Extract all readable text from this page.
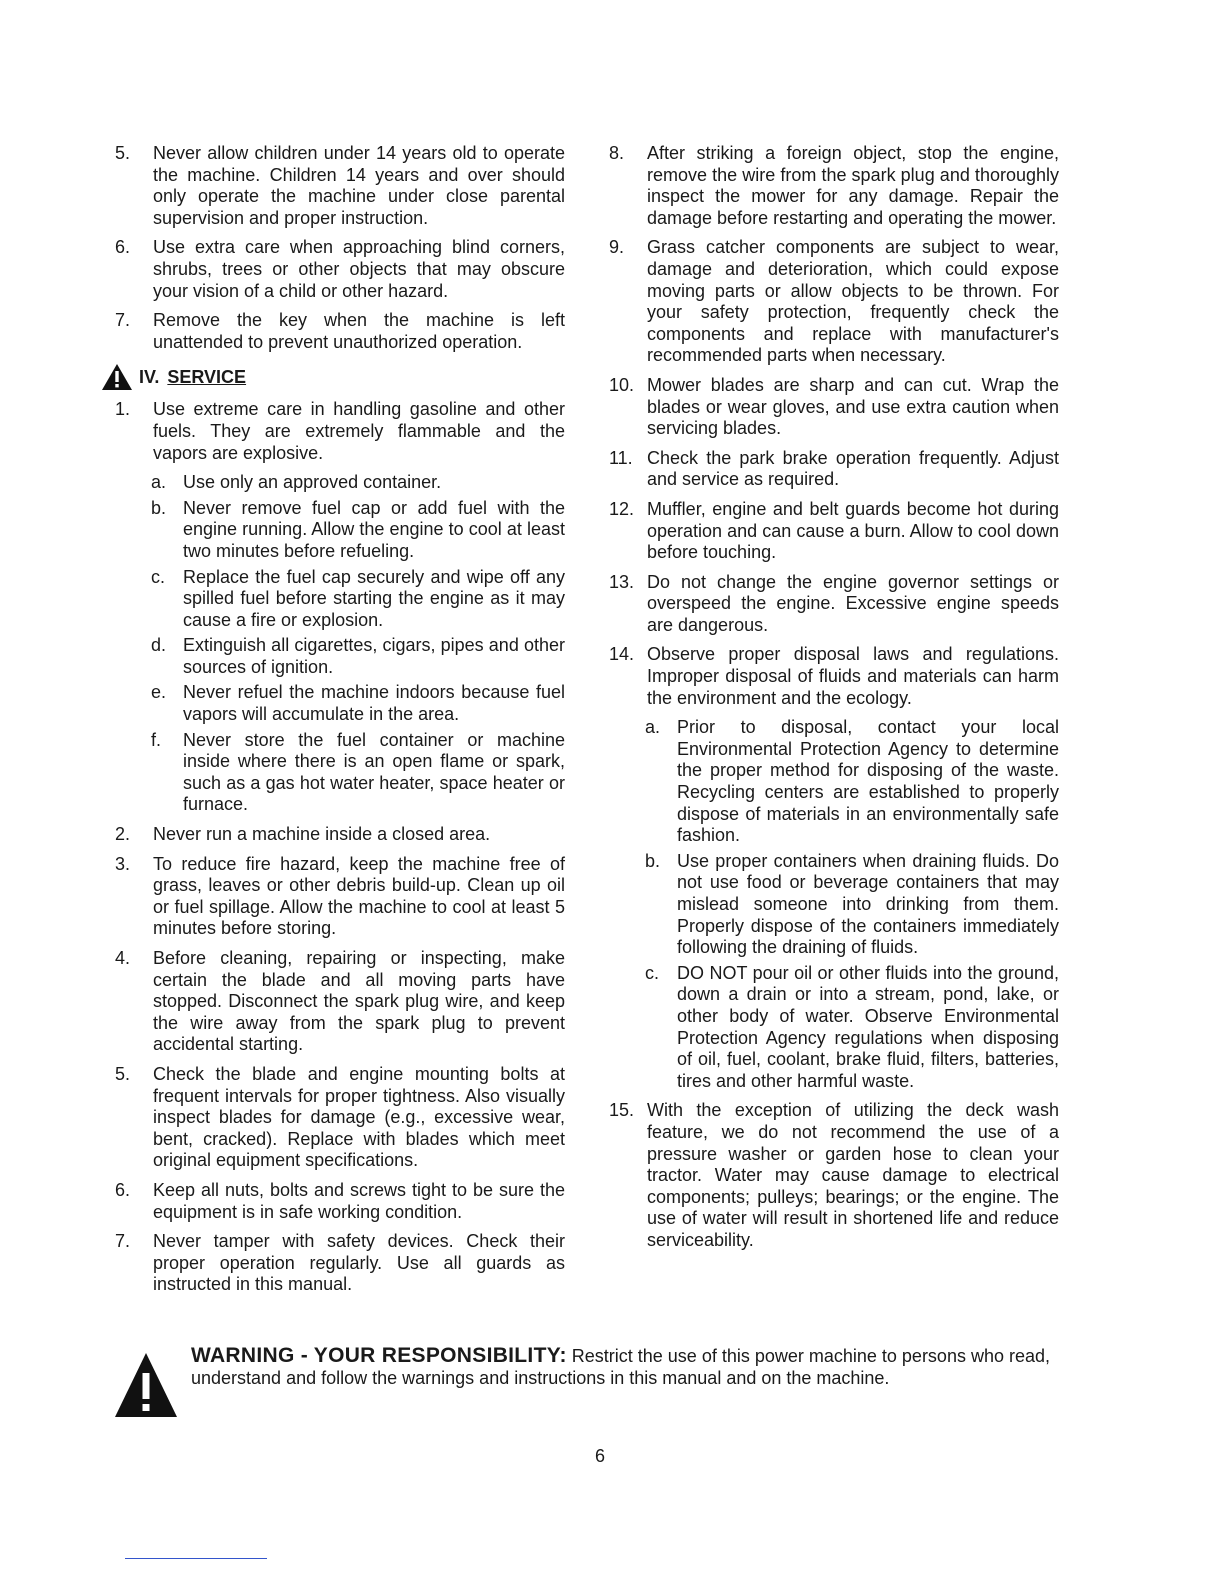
5.	Never allow children under 14 years old to operate the machine. Children 14 years and over should only operate the machine under close parental supervision and proper instruction.
6.	Use extra care when approaching blind corners, shrubs, trees or other objects that may obscure your vision of a child or other hazard.
7.	Remove the key when the machine is left unattended to prevent unauthorized operation.
IV. SERVICE
1.	Use extreme care in handling gasoline and other fuels. They are extremely flammable and the vapors are explosive.
a. Use only an approved container.
b. Never remove fuel cap or add fuel with the engine running. Allow the engine to cool at least two minutes before refueling.
c. Replace the fuel cap securely and wipe off any spilled fuel before starting the engine as it may cause a fire or explosion.
d. Extinguish all cigarettes, cigars, pipes and other sources of ignition.
e. Never refuel the machine indoors because fuel vapors will accumulate in the area.
f.	Never store the fuel container or machine inside where there is an open flame or spark, such as a gas hot water heater, space heater or furnace.
2.	Never run a machine inside a closed area.
3.	To reduce fire hazard, keep the machine free of grass, leaves or other debris build-up. Clean up oil or fuel spillage. Allow the machine to cool at least 5 minutes before storing.
4.	Before cleaning, repairing or inspecting, make certain the blade and all moving parts have stopped. Disconnect the spark plug wire, and keep the wire away from the spark plug to prevent accidental starting.
5.	Check the blade and engine mounting bolts at frequent intervals for proper tightness. Also visually inspect blades for damage (e.g., excessive wear, bent, cracked). Replace with blades which meet original equipment specifications.
6.	Keep all nuts, bolts and screws tight to be sure the equipment is in safe working condition.
7.	Never tamper with safety devices. Check their proper operation regularly. Use all guards as instructed in this manual.
8.	After striking a foreign object, stop the engine, remove the wire from the spark plug and thoroughly inspect the mower for any damage. Repair the damage before restarting and operating the mower.
9.	Grass catcher components are subject to wear, damage and deterioration, which could expose moving parts or allow objects to be thrown. For your safety protection, frequently check the components and replace with manufacturer's recommended parts when necessary.
10. Mower blades are sharp and can cut. Wrap the blades or wear gloves, and use extra caution when servicing blades.
11. Check the park brake operation frequently. Adjust and service as required.
12. Muffler, engine and belt guards become hot during operation and can cause a burn. Allow to cool down before touching.
13. Do not change the engine governor settings or overspeed the engine. Excessive engine speeds are dangerous.
14. Observe proper disposal laws and regulations. Improper disposal of fluids and materials can harm the environment and the ecology.
a. Prior to disposal, contact your local Environmental Protection Agency to determine the proper method for disposing of the waste. Recycling centers are established to properly dispose of materials in an environmentally safe fashion.
b. Use proper containers when draining fluids. Do not use food or beverage containers that may mislead someone into drinking from them. Properly dispose of the containers immediately following the draining of fluids.
c. DO NOT pour oil or other fluids into the ground, down a drain or into a stream, pond, lake, or other body of water. Observe Environmental Protection Agency regulations when disposing of oil, fuel, coolant, brake fluid, filters, batteries, tires and other harmful waste.
15. With the exception of utilizing the deck wash feature, we do not recommend the use of a pressure washer or garden hose to clean your tractor. Water may cause damage to electrical components; pulleys; bearings; or the engine. The use of water will result in shortened life and reduce serviceability.
WARNING - YOUR RESPONSIBILITY: Restrict the use of this power machine to persons who read, understand and follow the warnings and instructions in this manual and on the machine.
6
